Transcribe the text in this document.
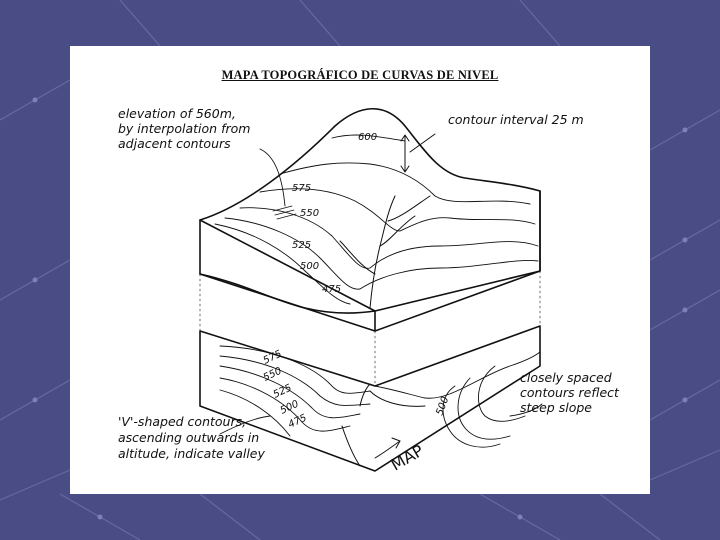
MAPA TOPOGRÁFICO DE CURVAS DE NIVEL
600
575
550
525
500
475
575
550
525
500
475
500
elevation of 560m,
by interpolation from
adjacent contours
contour interval 25 m
'V'-shaped contours,
ascending outwards in
altitude, indicate valley
closely spaced
contours reflect
steep slope
MAP
